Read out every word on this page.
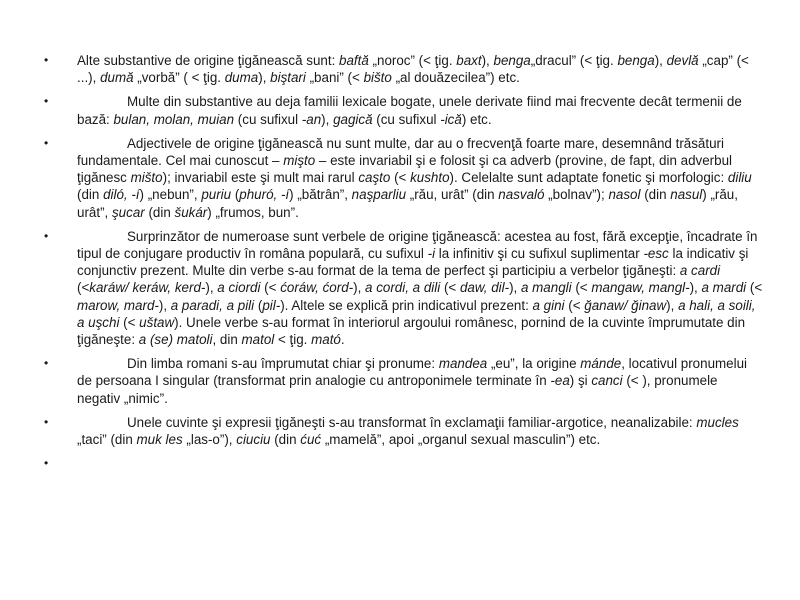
• Alte substantive de origine ţigănească sunt: baftă „noroc” (< ţig. baxt), benga„dracul” (< ţig. benga), devlă „cap” (< ...), dumă „vorbă” ( < ţig. duma), biştari „bani” (< bišto „al douăzecilea”) etc.
•	Multe din substantive au deja familii lexicale bogate, unele derivate fiind mai frecvente decât termenii de bază: bulan, molan, muian (cu sufixul -an), gagică (cu sufixul -ică) etc.
•	Adjectivele de origine ţigănească nu sunt multe, dar au o frecvenţă foarte mare, desemnând trăsături fundamentale. Cel mai cunoscut – mişto – este invariabil şi e folosit şi ca adverb (provine, de fapt, din adverbul ţigănesc mišto); invariabil este şi mult mai rarul caşto (< kushto). Celelalte sunt adaptate fonetic şi morfologic: diliu (din diló, -í) „nebun”, puriu (phuró, -í) „bătrân”, naşparliu „rău, urât” (din nasvaló „bolnav”); nasol (din nasul) „rău, urât”, şucar (din šukár) „frumos, bun”.
•	Surprinzător de numeroase sunt verbele de origine ţigănească: acestea au fost, fără excepţie, încadrate în tipul de conjugare productiv în româna populară, cu sufixul -i la infinitiv şi cu sufixul suplimentar -esc la indicativ şi conjunctiv prezent. Multe din verbe s-au format de la tema de perfect şi participiu a verbelor ţigăneşti: a cardi (<karáw/ keráw, kerd-), a ciordi (< ćoráw, ćord-), a cordi, a dili (< daw, dil-), a mangli (< mangaw, mangl-), a mardi (< marow, mard-), a paradi, a pili (pil-). Altele se explică prin indicativul prezent: a gini (< ğanaw/ ğinaw), a hali, a soili, a uşchi (< uštaw). Unele verbe s-au format în interiorul argoului românesc, pornind de la cuvinte împrumutate din ţigăneşte: a (se) matoli, din matol < ţig. mató.
•	Din limba romani s-au împrumutat chiar şi pronume: mandea „eu”, la origine mánde, locativul pronumelui de persoana I singular (transformat prin analogie cu antroponimele terminate în -ea) şi canci (< ), pronumele negativ „nimic”.
•	Unele cuvinte şi expresii ţigăneşti s-au transformat în exclamaţii familiar-argotice, neanalizabile: mucles „taci” (din muk les „las-o”), ciuciu (din ćuć „mamelă”, apoi „organul sexual masculin”) etc.
•
